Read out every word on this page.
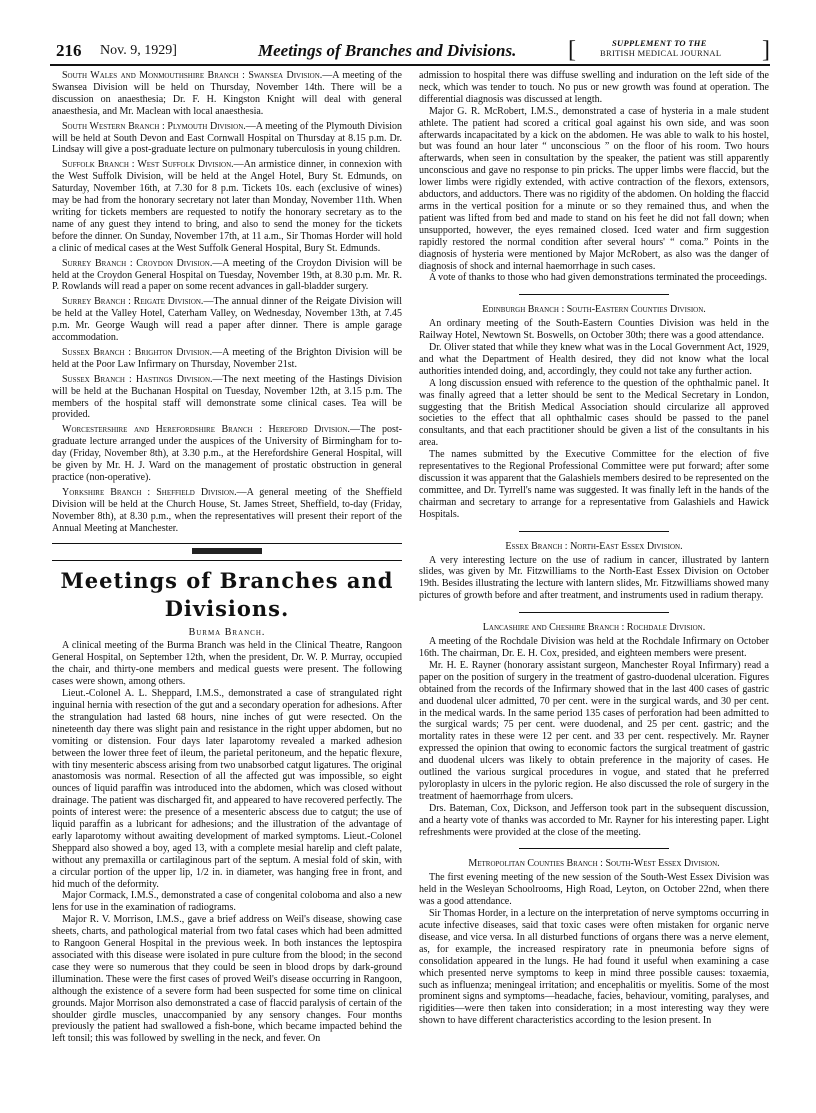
216 Nov. 9, 1929]	Meetings of Branches and Divisions. [	SUPPLEMENT TO THE
BRITISH MEDICAL JOURNAL ]

South Wales and Monmouthshire Branch : Swansea Division.—A meeting of the Swansea Division will be held on Thursday, November 14th. There will be a discussion on anaesthesia; Dr. F. H. Kingston Knight will deal with general anaesthesia, and Mr. Maclean with local anaesthesia.

South Western Branch : Plymouth Division.—A meeting of the Plymouth Division will be held at South Devon and East Cornwall Hospital on Thursday at 8.15 p.m. Dr. Lindsay will give a post-graduate lecture on pulmonary tuberculosis in young children.

Suffolk Branch : West Suffolk Division.—An armistice dinner, in connexion with the West Suffolk Division, will be held at the Angel Hotel, Bury St. Edmunds, on Saturday, November 16th, at 7.30 for 8 p.m. Tickets 10s. each (exclusive of wines) may be had from the honorary secretary not later than Monday, November 11th. When writing for tickets members are requested to notify the honorary secretary as to the name of any guest they intend to bring, and also to send the money for the tickets before the dinner. On Sunday, November 17th, at 11 a.m., Sir Thomas Horder will hold a clinic of medical cases at the West Suffolk General Hospital, Bury St. Edmunds.

Surrey Branch : Croydon Division.—A meeting of the Croydon Division will be held at the Croydon General Hospital on Tuesday, November 19th, at 8.30 p.m. Mr. R. P. Rowlands will read a paper on some recent advances in gall-bladder surgery.

Surrey Branch : Reigate Division.—The annual dinner of the Reigate Division will be held at the Valley Hotel, Caterham Valley, on Wednesday, November 13th, at 7.45 p.m. Mr. George Waugh will read a paper after dinner. There is ample garage accommodation.

Sussex Branch : Brighton Division.—A meeting of the Brighton Division will be held at the Poor Law Infirmary on Thursday, November 21st.

Sussex Branch : Hastings Division.—The next meeting of the Hastings Division will be held at the Buchanan Hospital on Tuesday, November 12th, at 3.15 p.m. The members of the hospital staff will demonstrate some clinical cases. Tea will be provided.

Worcestershire and Herefordshire Branch : Hereford Division.—The post-graduate lecture arranged under the auspices of the University of Birmingham for to-day (Friday, November 8th), at 3.30 p.m., at the Herefordshire General Hospital, will be given by Mr. H. J. Ward on the management of prostatic obstruction in general practice (non-operative).

Yorkshire Branch : Sheffield Division.—A general meeting of the Sheffield Division will be held at the Church House, St. James Street, Sheffield, to-day (Friday, November 8th), at 8.30 p.m., when the representatives will present their report of the Annual Meeting at Manchester.

Meetings of Branches and Divisions.
Burma Branch.

A clinical meeting of the Burma Branch was held in the Clinical Theatre, Rangoon General Hospital, on September 12th, when the president, Dr. W. P. Murray, occupied the chair, and thirty-one members and medical guests were present. The following cases were shown, among others.

Lieut.-Colonel A. L. Sheppard, I.M.S., demonstrated a case of strangulated right inguinal hernia with resection of the gut and a secondary operation for adhesions. After the strangulation had lasted 68 hours, nine inches of gut were resected. On the nineteenth day there was slight pain and resistance in the right upper abdomen, but no vomiting or distension. Four days later laparotomy revealed a marked adhesion between the lower three feet of ileum, the parietal peritoneum, and the hepatic flexure, with tiny mesenteric abscess arising from two unabsorbed catgut ligatures. The original anastomosis was normal. Resection of all the affected gut was impossible, so eight ounces of liquid paraffin was introduced into the abdomen, which was closed without drainage. The patient was discharged fit, and appeared to have recovered perfectly. The points of interest were: the presence of a mesenteric abscess due to catgut; the use of liquid paraffin as a lubricant for adhesions; and the illustration of the advantage of early laparotomy without awaiting development of marked symptoms. Lieut.-Colonel Sheppard also showed a boy, aged 13, with a complete mesial harelip and cleft palate, without any premaxilla or cartilaginous part of the septum. A mesial fold of skin, with a circular portion of the upper lip, 1/2 in. in diameter, was hanging free in front, and hid much of the deformity.

Major Cormack, I.M.S., demonstrated a case of congenital coloboma and also a new lens for use in the examination of radiograms.

Major R. V. Morrison, I.M.S., gave a brief address on Weil's disease, showing case sheets, charts, and pathological material from two fatal cases which had been admitted to Rangoon General Hospital in the previous week. In both instances the leptospira associated with this disease were isolated in pure culture from the blood; in the second case they were so numerous that they could be seen in blood drops by dark-ground illumination. These were the first cases of proved Weil's disease occurring in Rangoon, although the existence of a severe form had been suspected for some time on clinical grounds. Major Morrison also demonstrated a case of flaccid paralysis of certain of the shoulder girdle muscles, unaccompanied by any sensory changes. Four months previously the patient had swallowed a fish-bone, which became impacted behind the left tonsil; this was followed by swelling in the neck, and fever. On

admission to hospital there was diffuse swelling and induration on the left side of the neck, which was tender to touch. No pus or new growth was found at operation. The differential diagnosis was discussed at length.

Major G. R. McRobert, I.M.S., demonstrated a case of hysteria in a male student athlete. The patient had scored a critical goal against his own side, and was soon afterwards incapacitated by a kick on the abdomen. He was able to walk to his hostel, but was found an hour later “ unconscious ” on the floor of his room. Two hours afterwards, when seen in consultation by the speaker, the patient was still apparently unconscious and gave no response to pin pricks. The upper limbs were flaccid, but the lower limbs were rigidly extended, with active contraction of the flexors, extensors, abductors, and adductors. There was no rigidity of the abdomen. On holding the flaccid arms in the vertical position for a minute or so they remained thus, and when the patient was lifted from bed and made to stand on his feet he did not fall down; when unsupported, however, the eyes remained closed. Iced water and firm suggestion rapidly restored the normal condition after several hours' “ coma.” Points in the diagnosis of hysteria were mentioned by Major McRobert, as also was the danger of diagnosis of shock and internal haemorrhage in such cases.

A vote of thanks to those who had given demonstrations terminated the proceedings.

Edinburgh Branch : South-Eastern Counties Division.

An ordinary meeting of the South-Eastern Counties Division was held in the Railway Hotel, Newtown St. Boswells, on October 30th; there was a good attendance.

Dr. Oliver stated that while they knew what was in the Local Government Act, 1929, and what the Department of Health desired, they did not know what the local authorities intended doing, and, accordingly, they could not take any further action.

A long discussion ensued with reference to the question of the ophthalmic panel. It was finally agreed that a letter should be sent to the Medical Secretary in London, suggesting that the British Medical Association should circularize all approved societies to the effect that all ophthalmic cases should be passed to the panel consultants, and that each practitioner should be given a list of the consultants in his area.

The names submitted by the Executive Committee for the election of five representatives to the Regional Professional Committee were put forward; after some discussion it was apparent that the Galashiels members desired to be represented on the committee, and Dr. Tyrrell's name was suggested. It was finally left in the hands of the chairman and secretary to arrange for a representative from Galashiels and Hawick Hospitals.

Essex Branch : North-East Essex Division.

A very interesting lecture on the use of radium in cancer, illustrated by lantern slides, was given by Mr. Fitzwilliams to the North-East Essex Division on October 19th. Besides illustrating the lecture with lantern slides, Mr. Fitzwilliams showed many pictures of growth before and after treatment, and instruments used in radium therapy.

Lancashire and Cheshire Branch : Rochdale Division.

A meeting of the Rochdale Division was held at the Rochdale Infirmary on October 16th. The chairman, Dr. E. H. Cox, presided, and eighteen members were present.

Mr. H. E. Rayner (honorary assistant surgeon, Manchester Royal Infirmary) read a paper on the position of surgery in the treatment of gastro-duodenal ulceration. Figures obtained from the records of the Infirmary showed that in the last 400 cases of gastric and duodenal ulcer admitted, 70 per cent. were in the surgical wards, and 30 per cent. in the medical wards. In the same period 135 cases of perforation had been admitted to the surgical wards; 75 per cent. were duodenal, and 25 per cent. gastric; and the mortality rates in these were 12 per cent. and 33 per cent. respectively. Mr. Rayner expressed the opinion that owing to economic factors the surgical treatment of gastric and duodenal ulcers was likely to obtain preference in the majority of cases. He outlined the various surgical procedures in vogue, and stated that he preferred pyloroplasty in ulcers in the pyloric region. He also discussed the role of surgery in the treatment of haemorrhage from ulcers.

Drs. Bateman, Cox, Dickson, and Jefferson took part in the subsequent discussion, and a hearty vote of thanks was accorded to Mr. Rayner for his interesting paper. Light refreshments were provided at the close of the meeting.

Metropolitan Counties Branch : South-West Essex Division.

The first evening meeting of the new session of the South-West Essex Division was held in the Wesleyan Schoolrooms, High Road, Leyton, on October 22nd, when there was a good attendance.

Sir Thomas Horder, in a lecture on the interpretation of nerve symptoms occurring in acute infective diseases, said that toxic cases were often mistaken for organic nerve disease, and vice versa. In all disturbed functions of organs there was a nerve element, as, for example, the increased respiratory rate in pneumonia before signs of consolidation appeared in the lungs. He had found it useful when examining a case which presented nerve symptoms to keep in mind three possible causes: toxaemia, such as influenza; meningeal irritation; and encephalitis or myelitis. Some of the most prominent signs and symptoms—headache, facies, behaviour, vomiting, paralyses, and rigidities—were then taken into consideration; in a most interesting way they were shown to have different characteristics according to the lesion present. In
